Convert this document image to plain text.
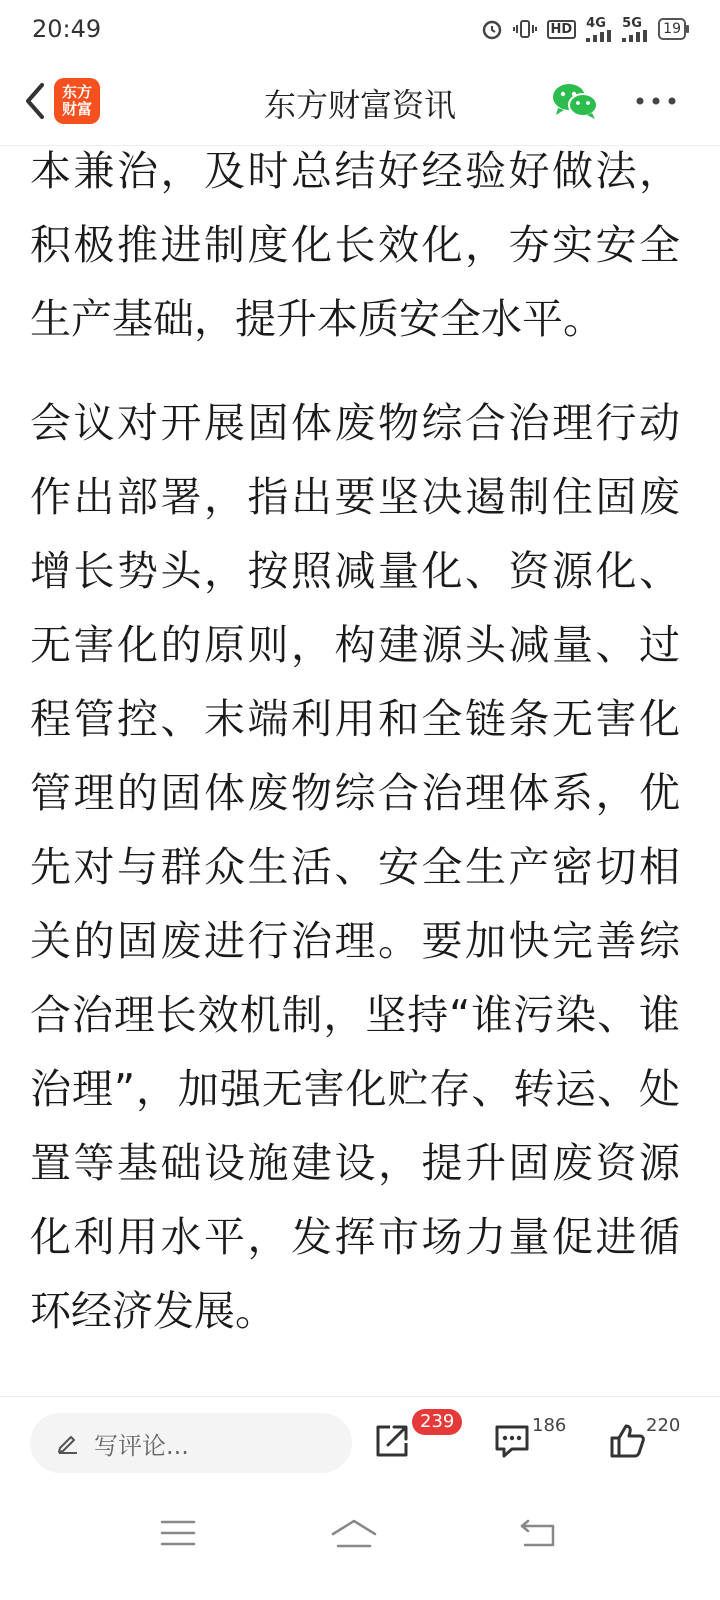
20:49	HD	4G 5G 19
东方
财富	东方财富资讯

本兼治，及时总结好经验好做法，积极推进制度化长效化，夯实安全生产基础，提升本质安全水平。

会议对开展固体废物综合治理行动作出部署，指出要坚决遏制住固废增长势头，按照减量化、资源化、无害化的原则，构建源头减量、过程管控、末端利用和全链条无害化管理的固体废物综合治理体系，优先对与群众生活、安全生产密切相关的固废进行治理。要加快完善综合治理长效机制，坚持“谁污染、谁治理”，加强无害化贮存、转运、处置等基础设施建设，提升固废资源化利用水平，发挥市场力量促进循环经济发展。

写评论...
239	186	220
